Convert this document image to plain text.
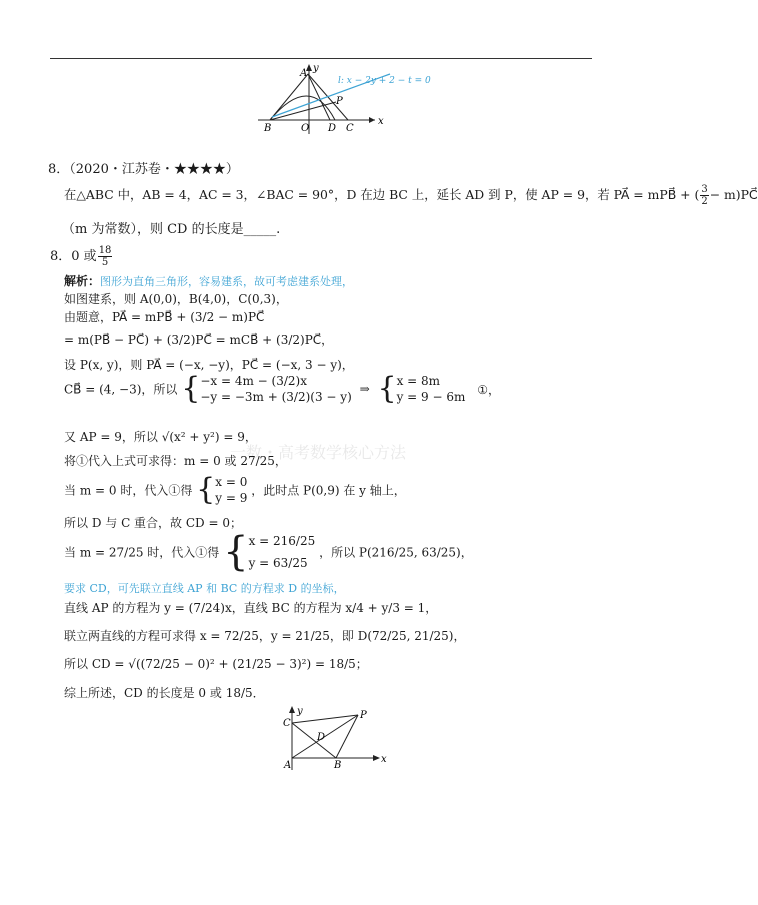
A y
l: x − 2y + 2 − t = 0
P
B	O D C
x
8．（2020・江苏卷・★★★★）
在△ABC 中，AB = 4，AC = 3，∠BAC = 90°，D 在边 BC 上，延长 AD 到 P，使 AP = 9，若 PA⃗ = mPB⃗ + ( $\frac{3}{2}$ − m)PC⃗
（m 为常数），则 CD 的长度是_____.
8．0 或 $\frac{18}{5}$
解析：图形为直角三角形，容易建系，故可考虑建系处理，
如图建系，则 A(0,0)，B(4,0)，C(0,3)，
由题意，PA⃗ = mPB⃗ + (3/2 − m)PC⃗
= m(PB⃗ − PC⃗) + (3/2)PC⃗ = mCB⃗ + (3/2)PC⃗，
设 P(x, y)，则 PA⃗ = (−x, −y)，PC⃗ = (−x, 3 − y)，
CB⃗ = (4, −3)，所以 {−x = 4m − (3/2)x
−y = −3m + (3/2)(3 − y) ⇒ {x = 8m
y = 9 − 6m ①，
又 AP = 9，所以 √(x² + y²) = 9，
一数・高考数学核心方法
将①代入上式可求得：m = 0 或 27/25，
当 m = 0 时，代入①得 {x = 0
y = 9 ，此时点 P(0,9) 在 y 轴上，
所以 D 与 C 重合，故 CD = 0；
当 m = 27/25 时，代入①得 {x = 216/25
y = 63/25 ，所以 P(216/25, 63/25)，
要求 CD，可先联立直线 AP 和 BC 的方程求 D 的坐标，
直线 AP 的方程为 y = (7/24)x，直线 BC 的方程为 x/4 + y/3 = 1，
联立两直线的方程可求得 x = 72/25，y = 21/25，即 D(72/25, 21/25)，
所以 CD = √((72/25 − 0)² + (21/25 − 3)²) = 18/5；
综上所述，CD 的长度是 0 或 18/5．
y
C
P
D
A	B
x
